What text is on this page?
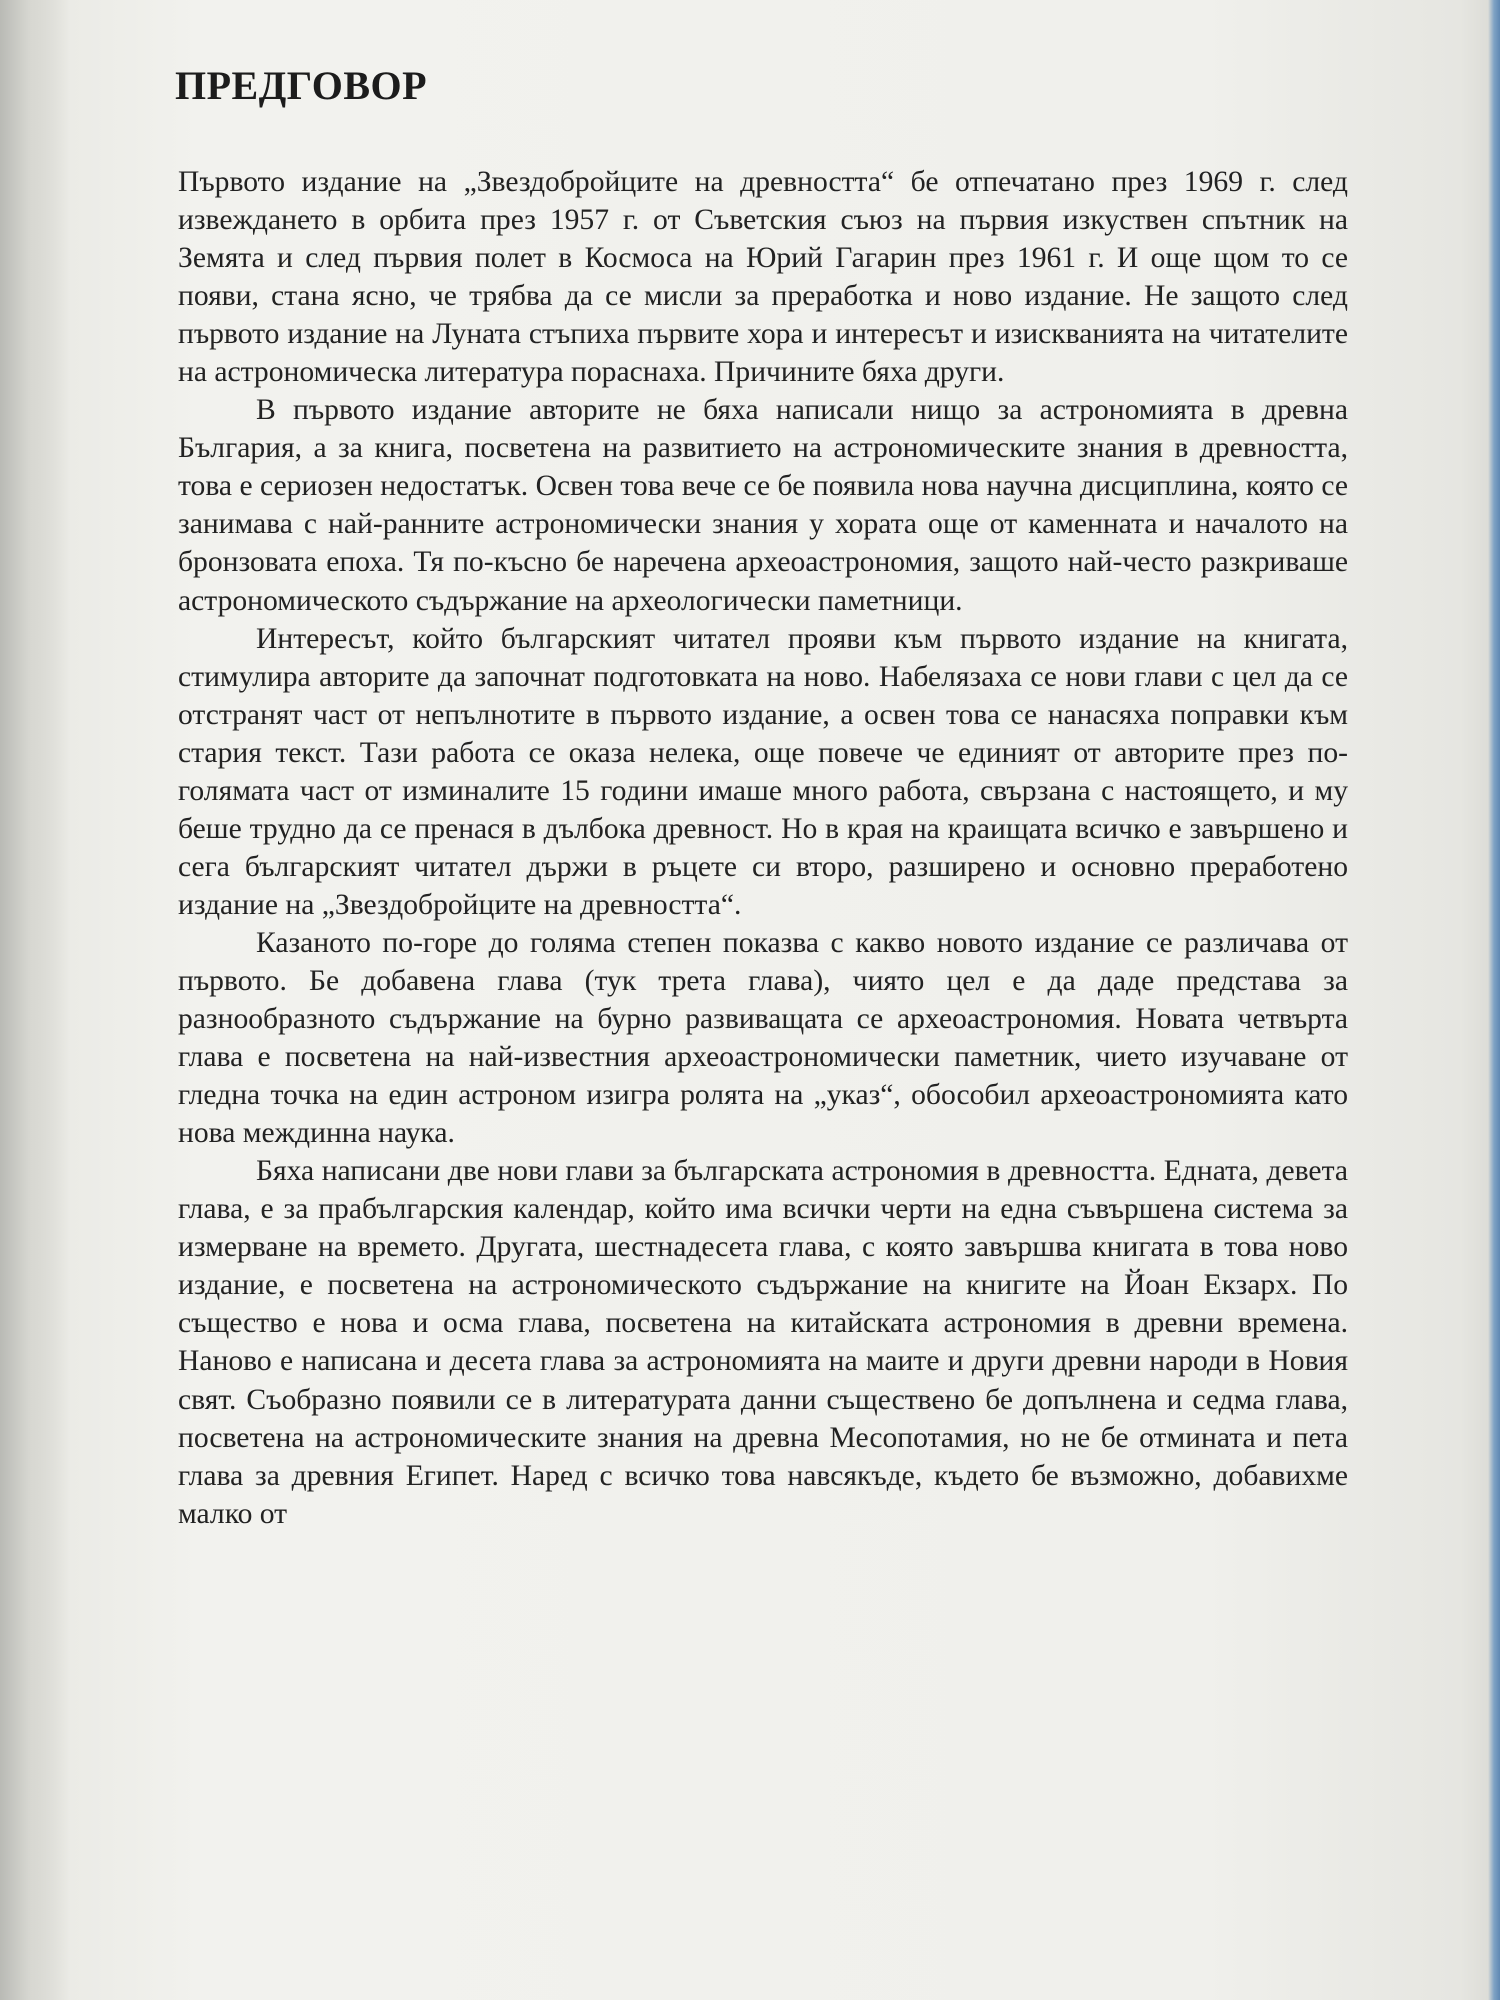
ПРЕДГОВОР

Първото издание на „Звездобройците на древността“ бе отпечатано през 1969 г. след извеждането в орбита през 1957 г. от Съветския съюз на първия изкуствен спътник на Земята и след първия полет в Космоса на Юрий Гагарин през 1961 г. И още щом то се появи, стана ясно, че трябва да се мисли за преработка и ново издание. Не защото след първото издание на Луната стъпиха първите хора и интересът и изискванията на читателите на астрономическа литература пораснаха. Причините бяха други.

В първото издание авторите не бяха написали нищо за астрономията в древна България, а за книга, посветена на развитието на астрономическите знания в древността, това е сериозен недостатък. Освен това вече се бе появила нова научна дисциплина, която се занимава с най-ранните астрономически знания у хората още от каменната и началото на бронзовата епоха. Тя по-късно бе наречена археоастрономия, защото най-често разкриваше астрономическото съдържание на археологически паметници.

Интересът, който българският читател прояви към първото издание на книгата, стимулира авторите да започнат подготовката на ново. Набелязаха се нови глави с цел да се отстранят част от непълнотите в първото издание, а освен това се нанасяха поправки към стария текст. Тази работа се оказа нелека, още повече че единият от авторите през по-голямата част от изминалите 15 години имаше много работа, свързана с настоящето, и му беше трудно да се пренася в дълбока древност. Но в края на краищата всичко е завършено и сега българският читател държи в ръцете си второ, разширено и основно преработено издание на „Звездобройците на древността“.

Казаното по-горе до голяма степен показва с какво новото издание се различава от първото. Бе добавена глава (тук трета глава), чиято цел е да даде представа за разнообразното съдържание на бурно развиващата се археоастрономия. Новата четвърта глава е посветена на най-известния археоастрономически паметник, чието изучаване от гледна точка на един астроном изигра ролята на „указ“, обособил археоастрономията като нова междинна наука.

Бяха написани две нови глави за българската астрономия в древността. Едната, девета глава, е за прабългарския календар, който има всички черти на една съвършена система за измерване на времето. Другата, шестнадесета глава, с която завършва книгата в това ново издание, е посветена на астрономическото съдържание на книгите на Йоан Екзарх. По същество е нова и осма глава, посветена на китайската астрономия в древни времена. Наново е написана и десета глава за астрономията на маите и други древни народи в Новия свят. Съобразно появили се в литературата данни съществено бе допълнена и седма глава, посветена на астрономическите знания на древна Месопотамия, но не бе отмината и пета глава за древния Египет. Наред с всичко това навсякъде, където бе възможно, добавихме малко от
